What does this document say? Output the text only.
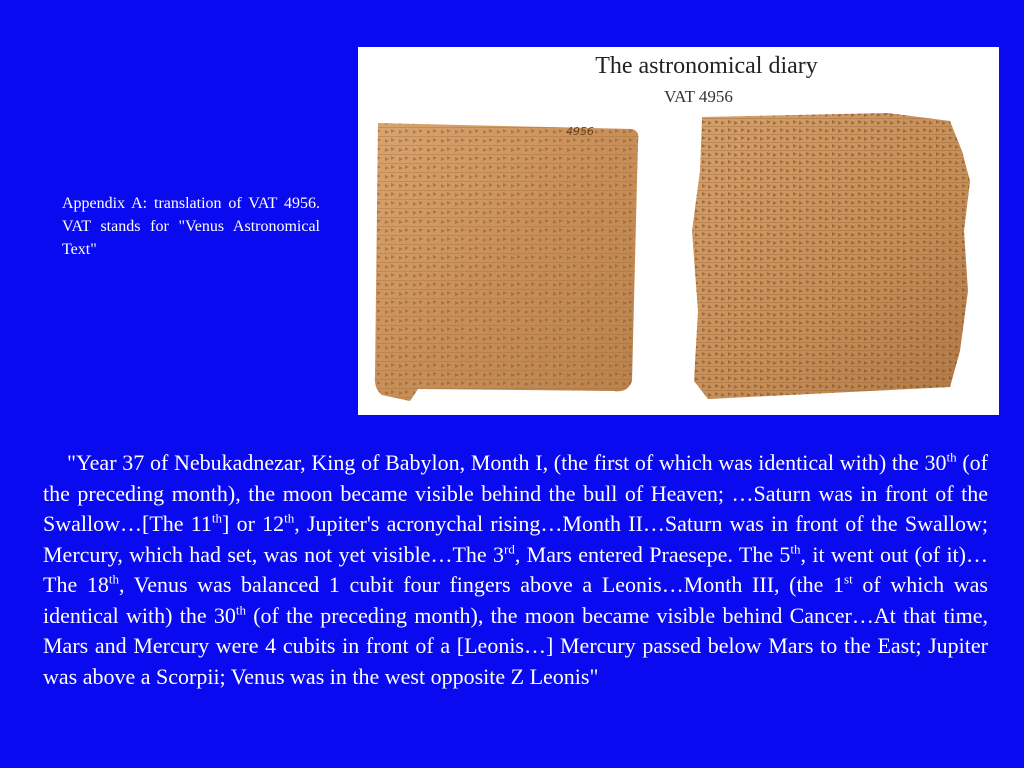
Appendix A: translation of VAT 4956. VAT stands for "Venus Astronomical Text"
The astronomical diary
VAT 4956
4956
"Year 37 of Nebukadnezar, King of Babylon, Month I, (the first of which was identical with) the 30th (of the preceding month), the moon became visible behind the bull of Heaven; …Saturn was in front of the Swallow…[The 11th] or 12th, Jupiter's acronychal rising…Month II…Saturn was in front of the Swallow; Mercury, which had set, was not yet visible…The 3rd, Mars entered Praesepe. The 5th, it went out (of it)…The 18th, Venus was balanced 1 cubit four fingers above a Leonis…Month III, (the 1st of which was identical with) the 30th (of the preceding month), the moon became visible behind Cancer…At that time, Mars and Mercury were 4 cubits in front of a [Leonis…] Mercury passed below Mars to the East; Jupiter was above a Scorpii; Venus was in the west opposite Z Leonis"
